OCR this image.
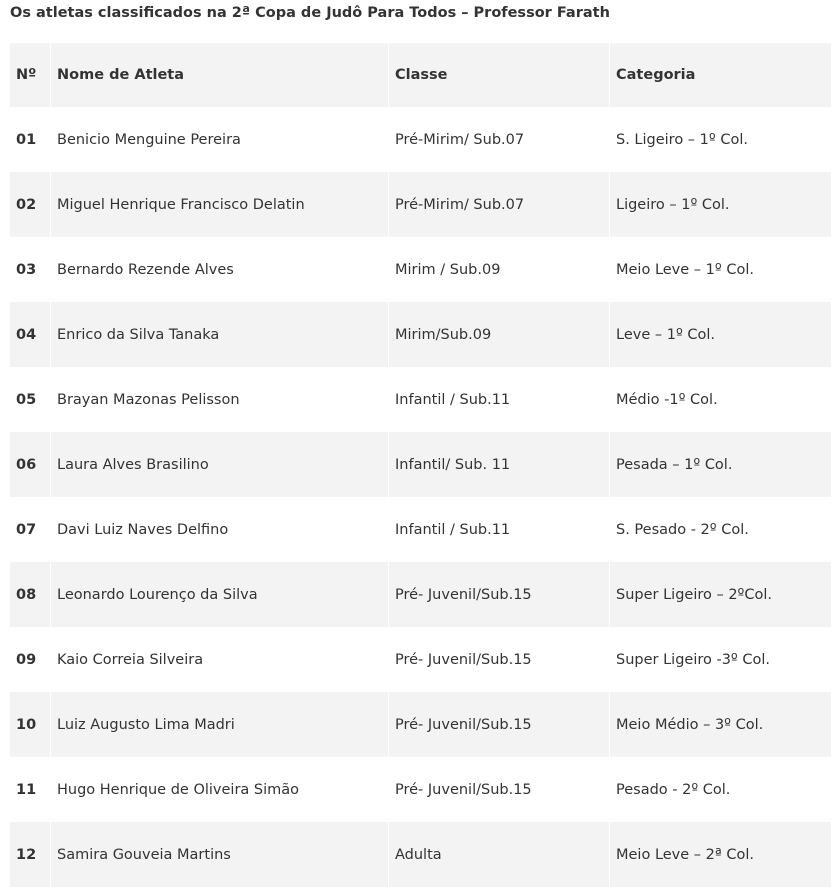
Os atletas classificados na 2ª Copa de Judô Para Todos – Professor Farath
Nº	Nome de Atleta	Classe	Categoria
01	Benicio Menguine Pereira	Pré-Mirim/ Sub.07	S. Ligeiro – 1º Col.
02	Miguel Henrique Francisco Delatin	Pré-Mirim/ Sub.07	Ligeiro – 1º Col.
03	Bernardo Rezende Alves	Mirim / Sub.09	Meio Leve – 1º Col.
04	Enrico da Silva Tanaka	Mirim/Sub.09	Leve – 1º Col.
05	Brayan Mazonas Pelisson	Infantil / Sub.11	Médio -1º Col.
06	Laura Alves Brasilino	Infantil/ Sub. 11	Pesada – 1º Col.
07	Davi Luiz Naves Delfino	Infantil / Sub.11	S. Pesado - 2º Col.
08	Leonardo Lourenço da Silva	Pré- Juvenil/Sub.15	Super Ligeiro – 2ºCol.
09	Kaio Correia Silveira	Pré- Juvenil/Sub.15	Super Ligeiro -3º Col.
10	Luiz Augusto Lima Madri	Pré- Juvenil/Sub.15	Meio Médio – 3º Col.
11	Hugo Henrique de Oliveira Simão	Pré- Juvenil/Sub.15	Pesado - 2º Col.
12	Samira Gouveia Martins	Adulta	Meio Leve – 2ª Col.
